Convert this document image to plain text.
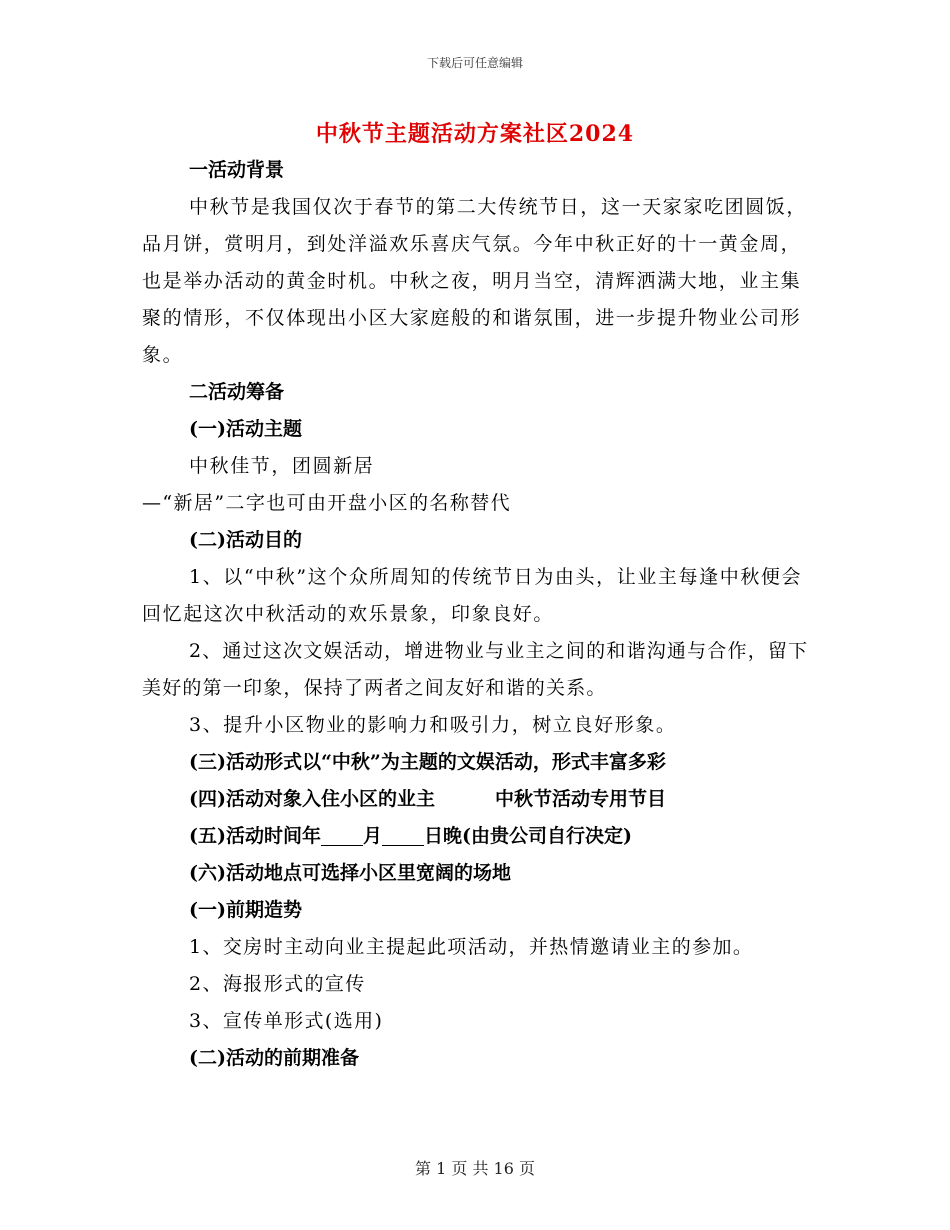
下载后可任意编辑
中秋节主题活动方案社区2024
一活动背景

中秋节是我国仅次于春节的第二大传统节日，这一天家家吃团圆饭，品月饼，赏明月，到处洋溢欢乐喜庆气氛。今年中秋正好的十一黄金周，也是举办活动的黄金时机。中秋之夜，明月当空，清辉洒满大地，业主集聚的情形，不仅体现出小区大家庭般的和谐氛围，进一步提升物业公司形象。

二活动筹备
(一)活动主题
中秋佳节，团圆新居
—“新居”二字也可由开盘小区的名称替代
(二)活动目的

1、以“中秋”这个众所周知的传统节日为由头，让业主每逢中秋便会回忆起这次中秋活动的欢乐景象，印象良好。

2、通过这次文娱活动，增进物业与业主之间的和谐沟通与合作，留下美好的第一印象，保持了两者之间友好和谐的关系。

3、提升小区物业的影响力和吸引力，树立良好形象。
(三)活动形式以“中秋”为主题的文娱活动，形式丰富多彩
(四)活动对象入住小区的业主	中秋节活动专用节目
(五)活动时间年 月 日晚(由贵公司自行决定)
(六)活动地点可选择小区里宽阔的场地
(一)前期造势
1、交房时主动向业主提起此项活动，并热情邀请业主的参加。
2、海报形式的宣传
3、宣传单形式(选用)
(二)活动的前期准备
第 1 页 共 16 页
